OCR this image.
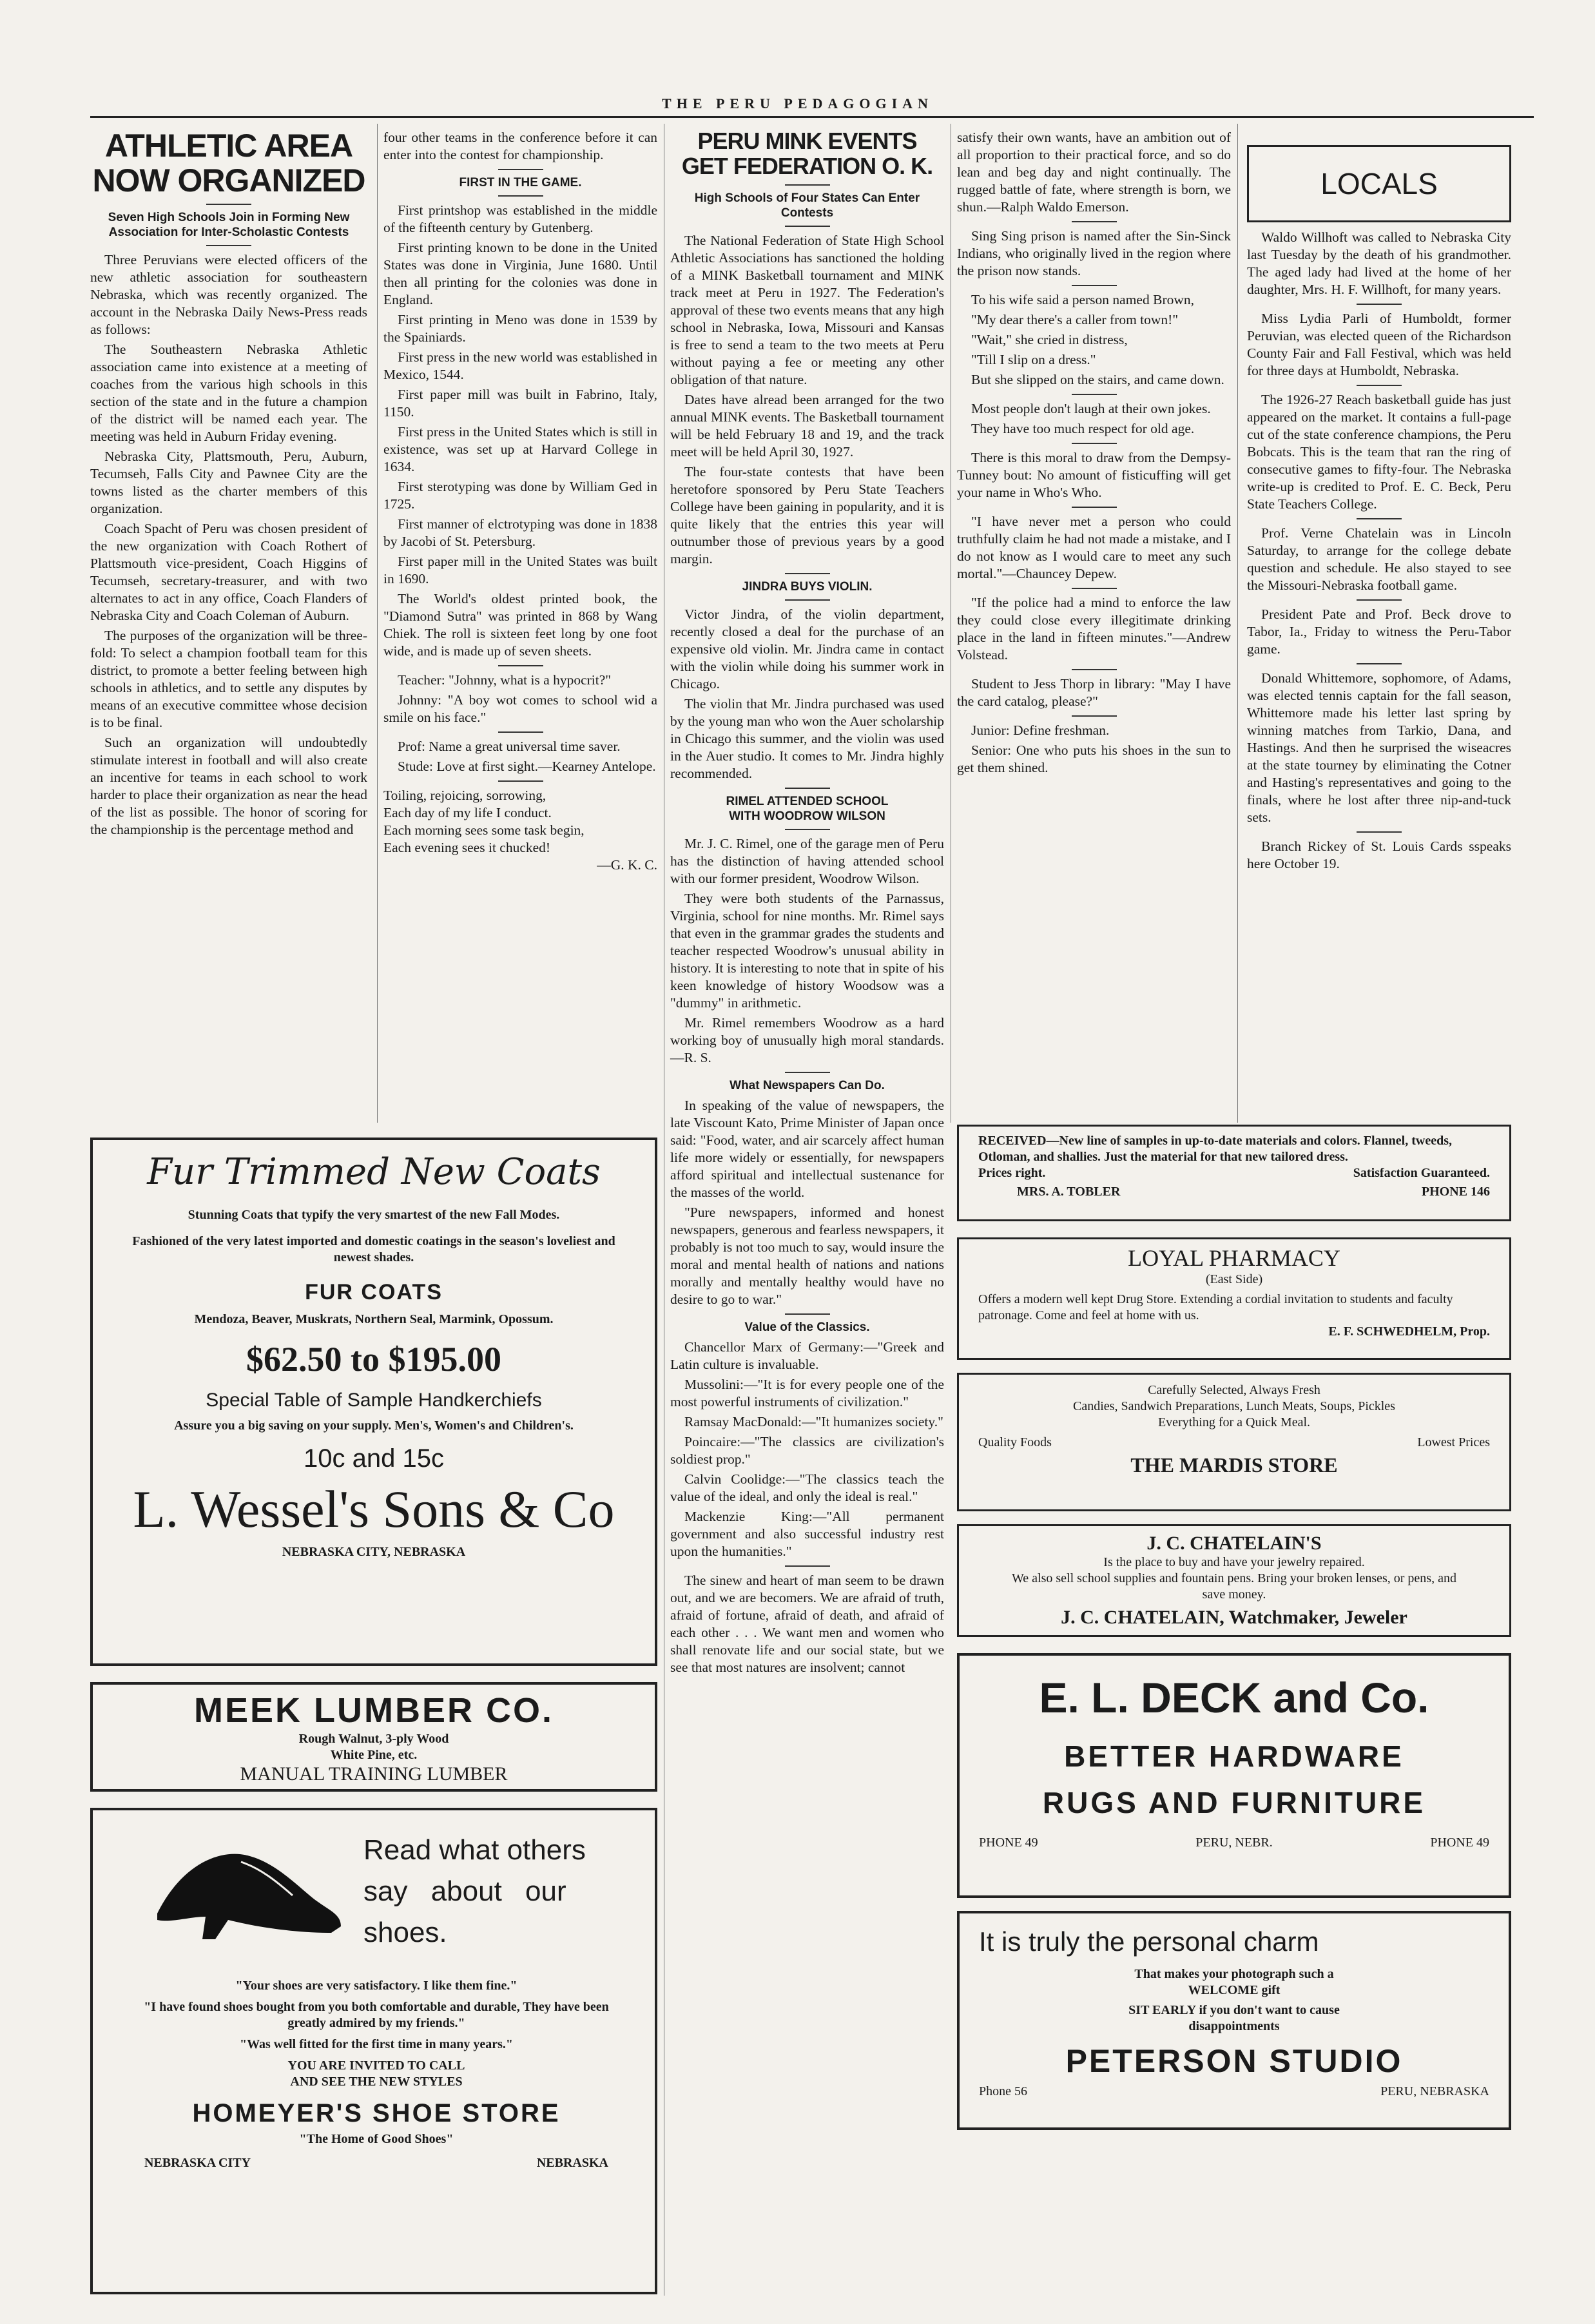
THE PERU PEDAGOGIAN
ATHLETIC AREA
NOW ORGANIZED
Seven High Schools Join in Forming New Association for Inter-Scholastic Contests

Three Peruvians were elected officers of the new athletic association for southeastern Nebraska, which was recently organized. The account in the Nebraska Daily News-Press reads as follows:

The Southeastern Nebraska Athletic association came into existence at a meeting of coaches from the various high schools in this section of the state and in the future a champion of the district will be named each year. The meeting was held in Auburn Friday evening.

Nebraska City, Plattsmouth, Peru, Auburn, Tecumseh, Falls City and Pawnee City are the towns listed as the charter members of this organization.

Coach Spacht of Peru was chosen president of the new organization with Coach Rothert of Plattsmouth vice-president, Coach Higgins of Tecumseh, secretary-treasurer, and with two alternates to act in any office, Coach Flanders of Nebraska City and Coach Coleman of Auburn.

The purposes of the organization will be three-fold: To select a champion football team for this district, to promote a better feeling between high schools in athletics, and to settle any disputes by means of an executive committee whose decision is to be final.

Such an organization will undoubtedly stimulate interest in football and will also create an incentive for teams in each school to work harder to place their organization as near the head of the list as possible. The honor of scoring for the championship is the percentage method and

four other teams in the conference before it can enter into the contest for championship.

FIRST IN THE GAME.

First printshop was established in the middle of the fifteenth century by Gutenberg.

First printing known to be done in the United States was done in Virginia, June 1680. Until then all printing for the colonies was done in England.

First printing in Meno was done in 1539 by the Spainiards.

First press in the new world was established in Mexico, 1544.

First paper mill was built in Fabrino, Italy, 1150.

First press in the United States which is still in existence, was set up at Harvard College in 1634.

First sterotyping was done by William Ged in 1725.

First manner of elctrotyping was done in 1838 by Jacobi of St. Petersburg.

First paper mill in the United States was built in 1690.

The World's oldest printed book, the "Diamond Sutra" was printed in 868 by Wang Chiek. The roll is sixteen feet long by one foot wide, and is made up of seven sheets.

Teacher: "Johnny, what is a hypocrit?"

Johnny: "A boy wot comes to school wid a smile on his face."

Prof: Name a great universal time saver.

Stude: Love at first sight.—Kearney Antelope.

Toiling, rejoicing, sorrowing,
Each day of my life I conduct.
Each morning sees some task begin,
Each evening sees it chucked!
—G. K. C.
PERU MINK EVENTS
GET FEDERATION O. K.
High Schools of Four States Can Enter Contests

The National Federation of State High School Athletic Associations has sanctioned the holding of a MINK Basketball tournament and MINK track meet at Peru in 1927. The Federation's approval of these two events means that any high school in Nebraska, Iowa, Missouri and Kansas is free to send a team to the two meets at Peru without paying a fee or meeting any other obligation of that nature.

Dates have alread been arranged for the two annual MINK events. The Basketball tournament will be held February 18 and 19, and the track meet will be held April 30, 1927.

The four-state contests that have been heretofore sponsored by Peru State Teachers College have been gaining in popularity, and it is quite likely that the entries this year will outnumber those of previous years by a good margin.

JINDRA BUYS VIOLIN.

Victor Jindra, of the violin department, recently closed a deal for the purchase of an expensive old violin. Mr. Jindra came in contact with the violin while doing his summer work in Chicago.

The violin that Mr. Jindra purchased was used by the young man who won the Auer scholarship in Chicago this summer, and the violin was used in the Auer studio. It comes to Mr. Jindra highly recommended.

RIMEL ATTENDED SCHOOL
WITH WOODROW WILSON

Mr. J. C. Rimel, one of the garage men of Peru has the distinction of having attended school with our former president, Woodrow Wilson.

They were both students of the Parnassus, Virginia, school for nine months. Mr. Rimel says that even in the grammar grades the students and teacher respected Woodrow's unusual ability in history. It is interesting to note that in spite of his keen knowledge of history Woodsow was a "dummy" in arithmetic.

Mr. Rimel remembers Woodrow as a hard working boy of unusually high moral standards.—R. S.

What Newspapers Can Do.

In speaking of the value of newspapers, the late Viscount Kato, Prime Minister of Japan once said: "Food, water, and air scarcely affect human life more widely or essentially, for newspapers afford spiritual and intellectual sustenance for the masses of the world.

"Pure newspapers, informed and honest newspapers, generous and fearless newspapers, it probably is not too much to say, would insure the moral and mental health of nations and nations morally and mentally healthy would have no desire to go to war."

Value of the Classics.

Chancellor Marx of Germany:—"Greek and Latin culture is invaluable.

Mussolini:—"It is for every people one of the most powerful instruments of civilization."

Ramsay MacDonald:—"It humanizes society."

Poincaire:—"The classics are civilization's soldiest prop."

Calvin Coolidge:—"The classics teach the value of the ideal, and only the ideal is real."

Mackenzie King:—"All permanent government and also successful industry rest upon the humanities."

The sinew and heart of man seem to be drawn out, and we are becomers. We are afraid of truth, afraid of fortune, afraid of death, and afraid of each other . . . We want men and women who shall renovate life and our social state, but we see that most natures are insolvent; cannot

satisfy their own wants, have an ambition out of all proportion to their practical force, and so do lean and beg day and night continually. The rugged battle of fate, where strength is born, we shun.—Ralph Waldo Emerson.

Sing Sing prison is named after the Sin-Sinck Indians, who originally lived in the region where the prison now stands.

To his wife said a person named Brown,

"My dear there's a caller from town!"

"Wait," she cried in distress,

"Till I slip on a dress."

But she slipped on the stairs, and came down.

Most people don't laugh at their own jokes.

They have too much respect for old age.

There is this moral to draw from the Dempsy-Tunney bout: No amount of fisticuffing will get your name in Who's Who.

"I have never met a person who could truthfully claim he had not made a mistake, and I do not know as I would care to meet any such mortal."—Chauncey Depew.

"If the police had a mind to enforce the law they could close every illegitimate drinking place in the land in fifteen minutes."—Andrew Volstead.

Student to Jess Thorp in library: "May I have the card catalog, please?"

Junior: Define freshman.

Senior: One who puts his shoes in the sun to get them shined.

LOCALS

Waldo Willhoft was called to Nebraska City last Tuesday by the death of his grandmother. The aged lady had lived at the home of her daughter, Mrs. H. F. Willhoft, for many years.

Miss Lydia Parli of Humboldt, former Peruvian, was elected queen of the Richardson County Fair and Fall Festival, which was held for three days at Humboldt, Nebraska.

The 1926-27 Reach basketball guide has just appeared on the market. It contains a full-page cut of the state conference champions, the Peru Bobcats. This is the team that ran the ring of consecutive games to fifty-four. The Nebraska write-up is credited to Prof. E. C. Beck, Peru State Teachers College.

Prof. Verne Chatelain was in Lincoln Saturday, to arrange for the college debate question and schedule. He also stayed to see the Missouri-Nebraska football game.

President Pate and Prof. Beck drove to Tabor, Ia., Friday to witness the Peru-Tabor game.

Donald Whittemore, sophomore, of Adams, was elected tennis captain for the fall season, Whittemore made his letter last spring by winning matches from Tarkio, Dana, and Hastings. And then he surprised the wiseacres at the state tourney by eliminating the Cotner and Hasting's representatives and going to the finals, where he lost after three nip-and-tuck sets.

Branch Rickey of St. Louis Cards sspeaks here October 19.

Fur Trimmed New Coats
Stunning Coats that typify the very smartest of the new Fall Modes.
Fashioned of the very latest imported and domestic coatings in the season's loveliest and newest shades.
FUR COATS
Mendoza, Beaver, Muskrats, Northern Seal, Marmink, Opossum.
$62.50 to $195.00
Special Table of Sample Handkerchiefs
Assure you a big saving on your supply. Men's, Women's and Children's.
10c and 15c
L. Wessel's Sons & Co
NEBRASKA CITY, NEBRASKA
MEEK LUMBER CO.
Rough Walnut, 3-ply Wood
White Pine, etc.
MANUAL TRAINING LUMBER
Read what others
say about our
shoes.

"Your shoes are very satisfactory. I like them fine."

"I have found shoes bought from you both comfortable and durable, They have been greatly admired by my friends."

"Was well fitted for the first time in many years."

YOU ARE INVITED TO CALL
AND SEE THE NEW STYLES
HOMEYER'S SHOE STORE
"The Home of Good Shoes"
NEBRASKA CITY	NEBRASKA
RECEIVED—New line of samples in up-to-date materials and colors. Flannel, tweeds, Otloman, and shallies. Just the material for that new tailored dress.
Prices right.	Satisfaction Guaranteed.
MRS. A. TOBLER	PHONE 146
LOYAL PHARMACY
(East Side)
Offers a modern well kept Drug Store. Extending a cordial invitation to students and faculty patronage. Come and feel at home with us.
E. F. SCHWEDHELM, Prop.
Carefully Selected, Always Fresh
Candies, Sandwich Preparations, Lunch Meats, Soups, Pickles
Everything for a Quick Meal.
Quality Foods	Lowest Prices
THE MARDIS STORE
J. C. CHATELAIN'S
Is the place to buy and have your jewelry repaired.
We also sell school supplies and fountain pens. Bring your broken lenses, or pens, and save money.
J. C. CHATELAIN, Watchmaker, Jeweler
E. L. DECK and Co.
BETTER HARDWARE
RUGS AND FURNITURE
PHONE 49	PERU, NEBR.	PHONE 49
It is truly the personal charm
That makes your photograph such a
WELCOME gift
SIT EARLY if you don't want to cause
disappointments
PETERSON STUDIO
Phone 56	PERU, NEBRASKA
